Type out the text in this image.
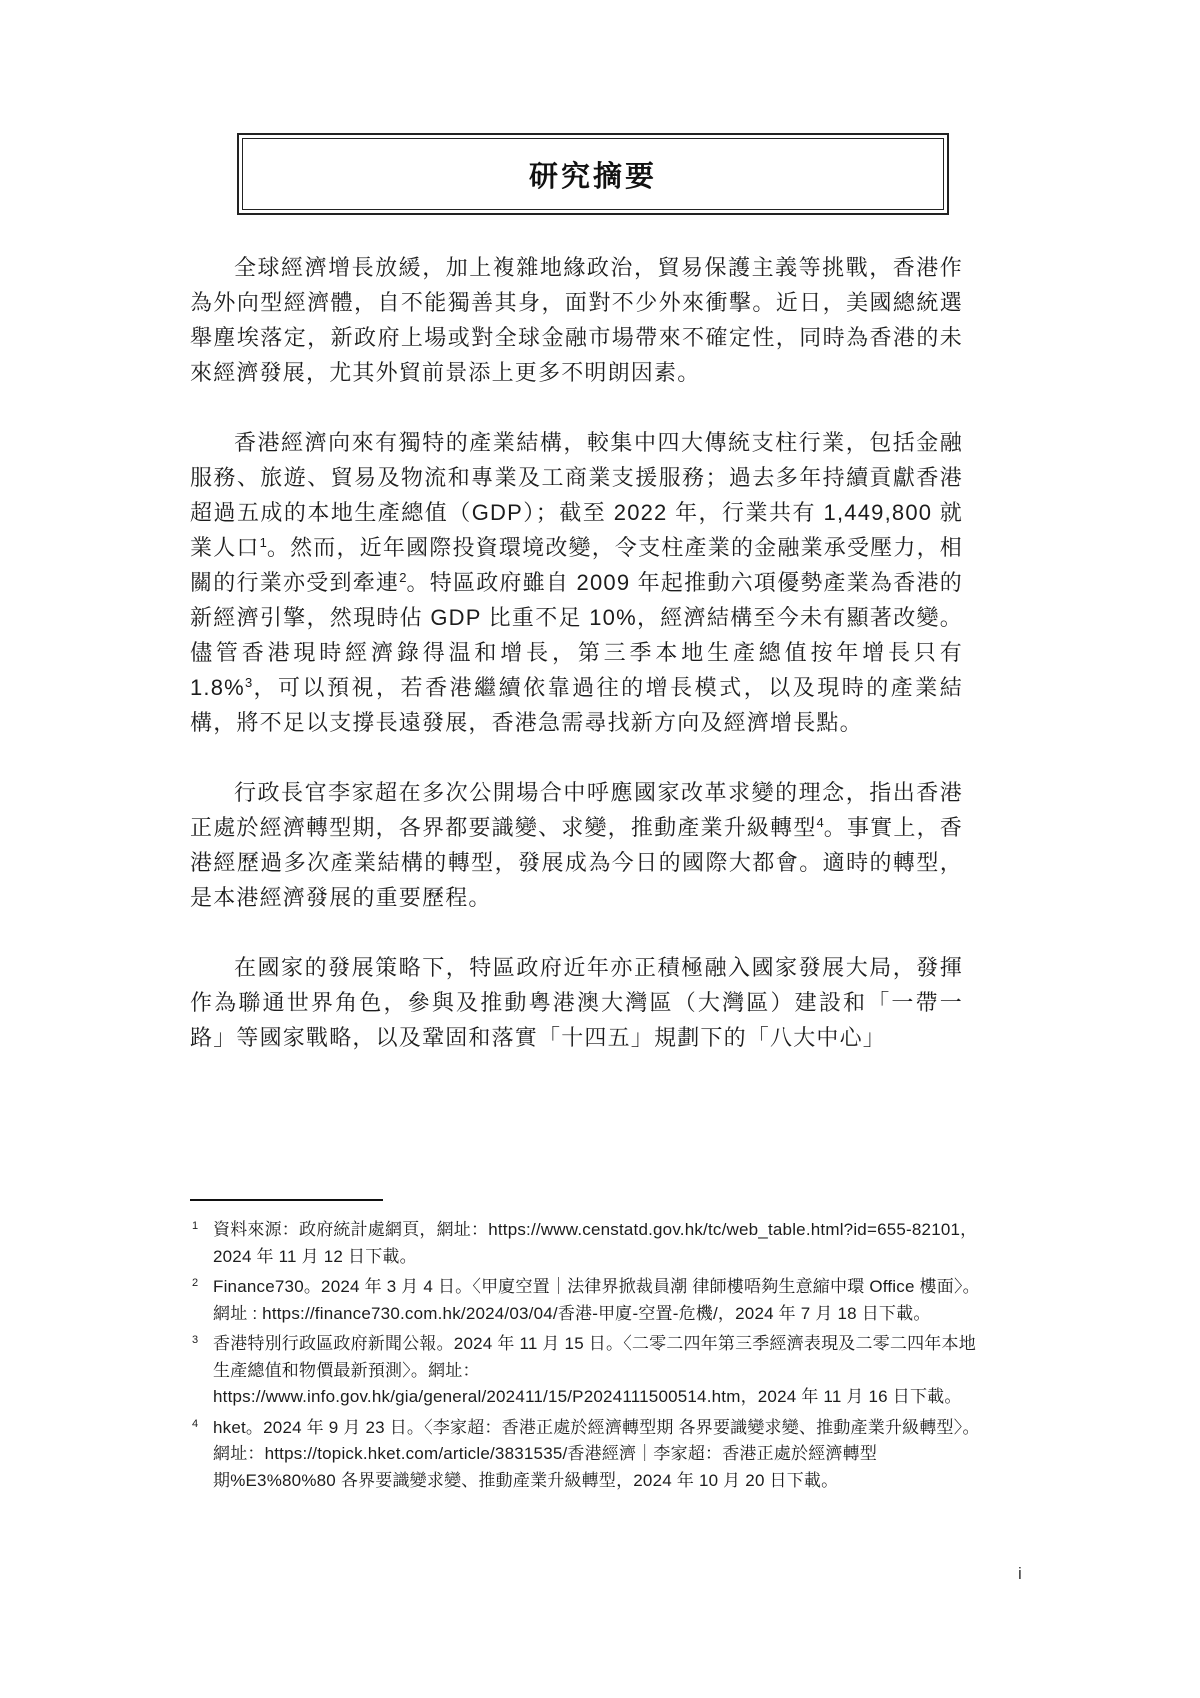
研究摘要

全球經濟增長放緩，加上複雜地緣政治，貿易保護主義等挑戰，香港作為外向型經濟體，自不能獨善其身，面對不少外來衝擊。近日，美國總統選舉塵埃落定，新政府上場或對全球金融市場帶來不確定性，同時為香港的未來經濟發展，尤其外貿前景添上更多不明朗因素。

香港經濟向來有獨特的產業結構，較集中四大傳統支柱行業，包括金融服務、旅遊、貿易及物流和專業及工商業支援服務；過去多年持續貢獻香港超過五成的本地生產總值（GDP）；截至 2022 年，行業共有 1,449,800 就業人口$^1$。然而，近年國際投資環境改變，令支柱產業的金融業承受壓力，相關的行業亦受到牽連$^2$。特區政府雖自 2009 年起推動六項優勢產業為香港的新經濟引擎，然現時佔 GDP 比重不足 10%，經濟結構至今未有顯著改變。儘管香港現時經濟錄得温和增長，第三季本地生產總值按年增長只有 1.8%$^3$，可以預視，若香港繼續依靠過往的增長模式，以及現時的產業結構，將不足以支撐長遠發展，香港急需尋找新方向及經濟增長點。

行政長官李家超在多次公開場合中呼應國家改革求變的理念，指出香港正處於經濟轉型期，各界都要識變、求變，推動產業升級轉型$^4$。事實上，香港經歷過多次產業結構的轉型，發展成為今日的國際大都會。適時的轉型，是本港經濟發展的重要歷程。

在國家的發展策略下，特區政府近年亦正積極融入國家發展大局，發揮作為聯通世界角色，參與及推動粵港澳大灣區（大灣區）建設和「一帶一路」等國家戰略，以及鞏固和落實「十四五」規劃下的「八大中心」

1 資料來源：政府統計處網頁，網址：https://www.censtatd.gov.hk/tc/web_table.html?id=655-82101，2024 年 11 月 12 日下載。
2 Finance730。2024 年 3 月 4 日。〈甲廈空置｜法律界掀裁員潮 律師樓唔夠生意縮中環 Office 樓面〉。網址 : https://finance730.com.hk/2024/03/04/香港-甲廈-空置-危機/，2024 年 7 月 18 日下載。
3 香港特別行政區政府新聞公報。2024 年 11 月 15 日。〈二零二四年第三季經濟表現及二零二四年本地生產總值和物價最新預測〉。網址：https://www.info.gov.hk/gia/general/202411/15/P2024111500514.htm，2024 年 11 月 16 日下載。
4 hket。2024 年 9 月 23 日。〈李家超：香港正處於經濟轉型期 各界要識變求變、推動產業升級轉型〉。網址：https://topick.hket.com/article/3831535/香港經濟｜李家超：香港正處於經濟轉型期%E3%80%80 各界要識變求變、推動產業升級轉型，2024 年 10 月 20 日下載。
i
